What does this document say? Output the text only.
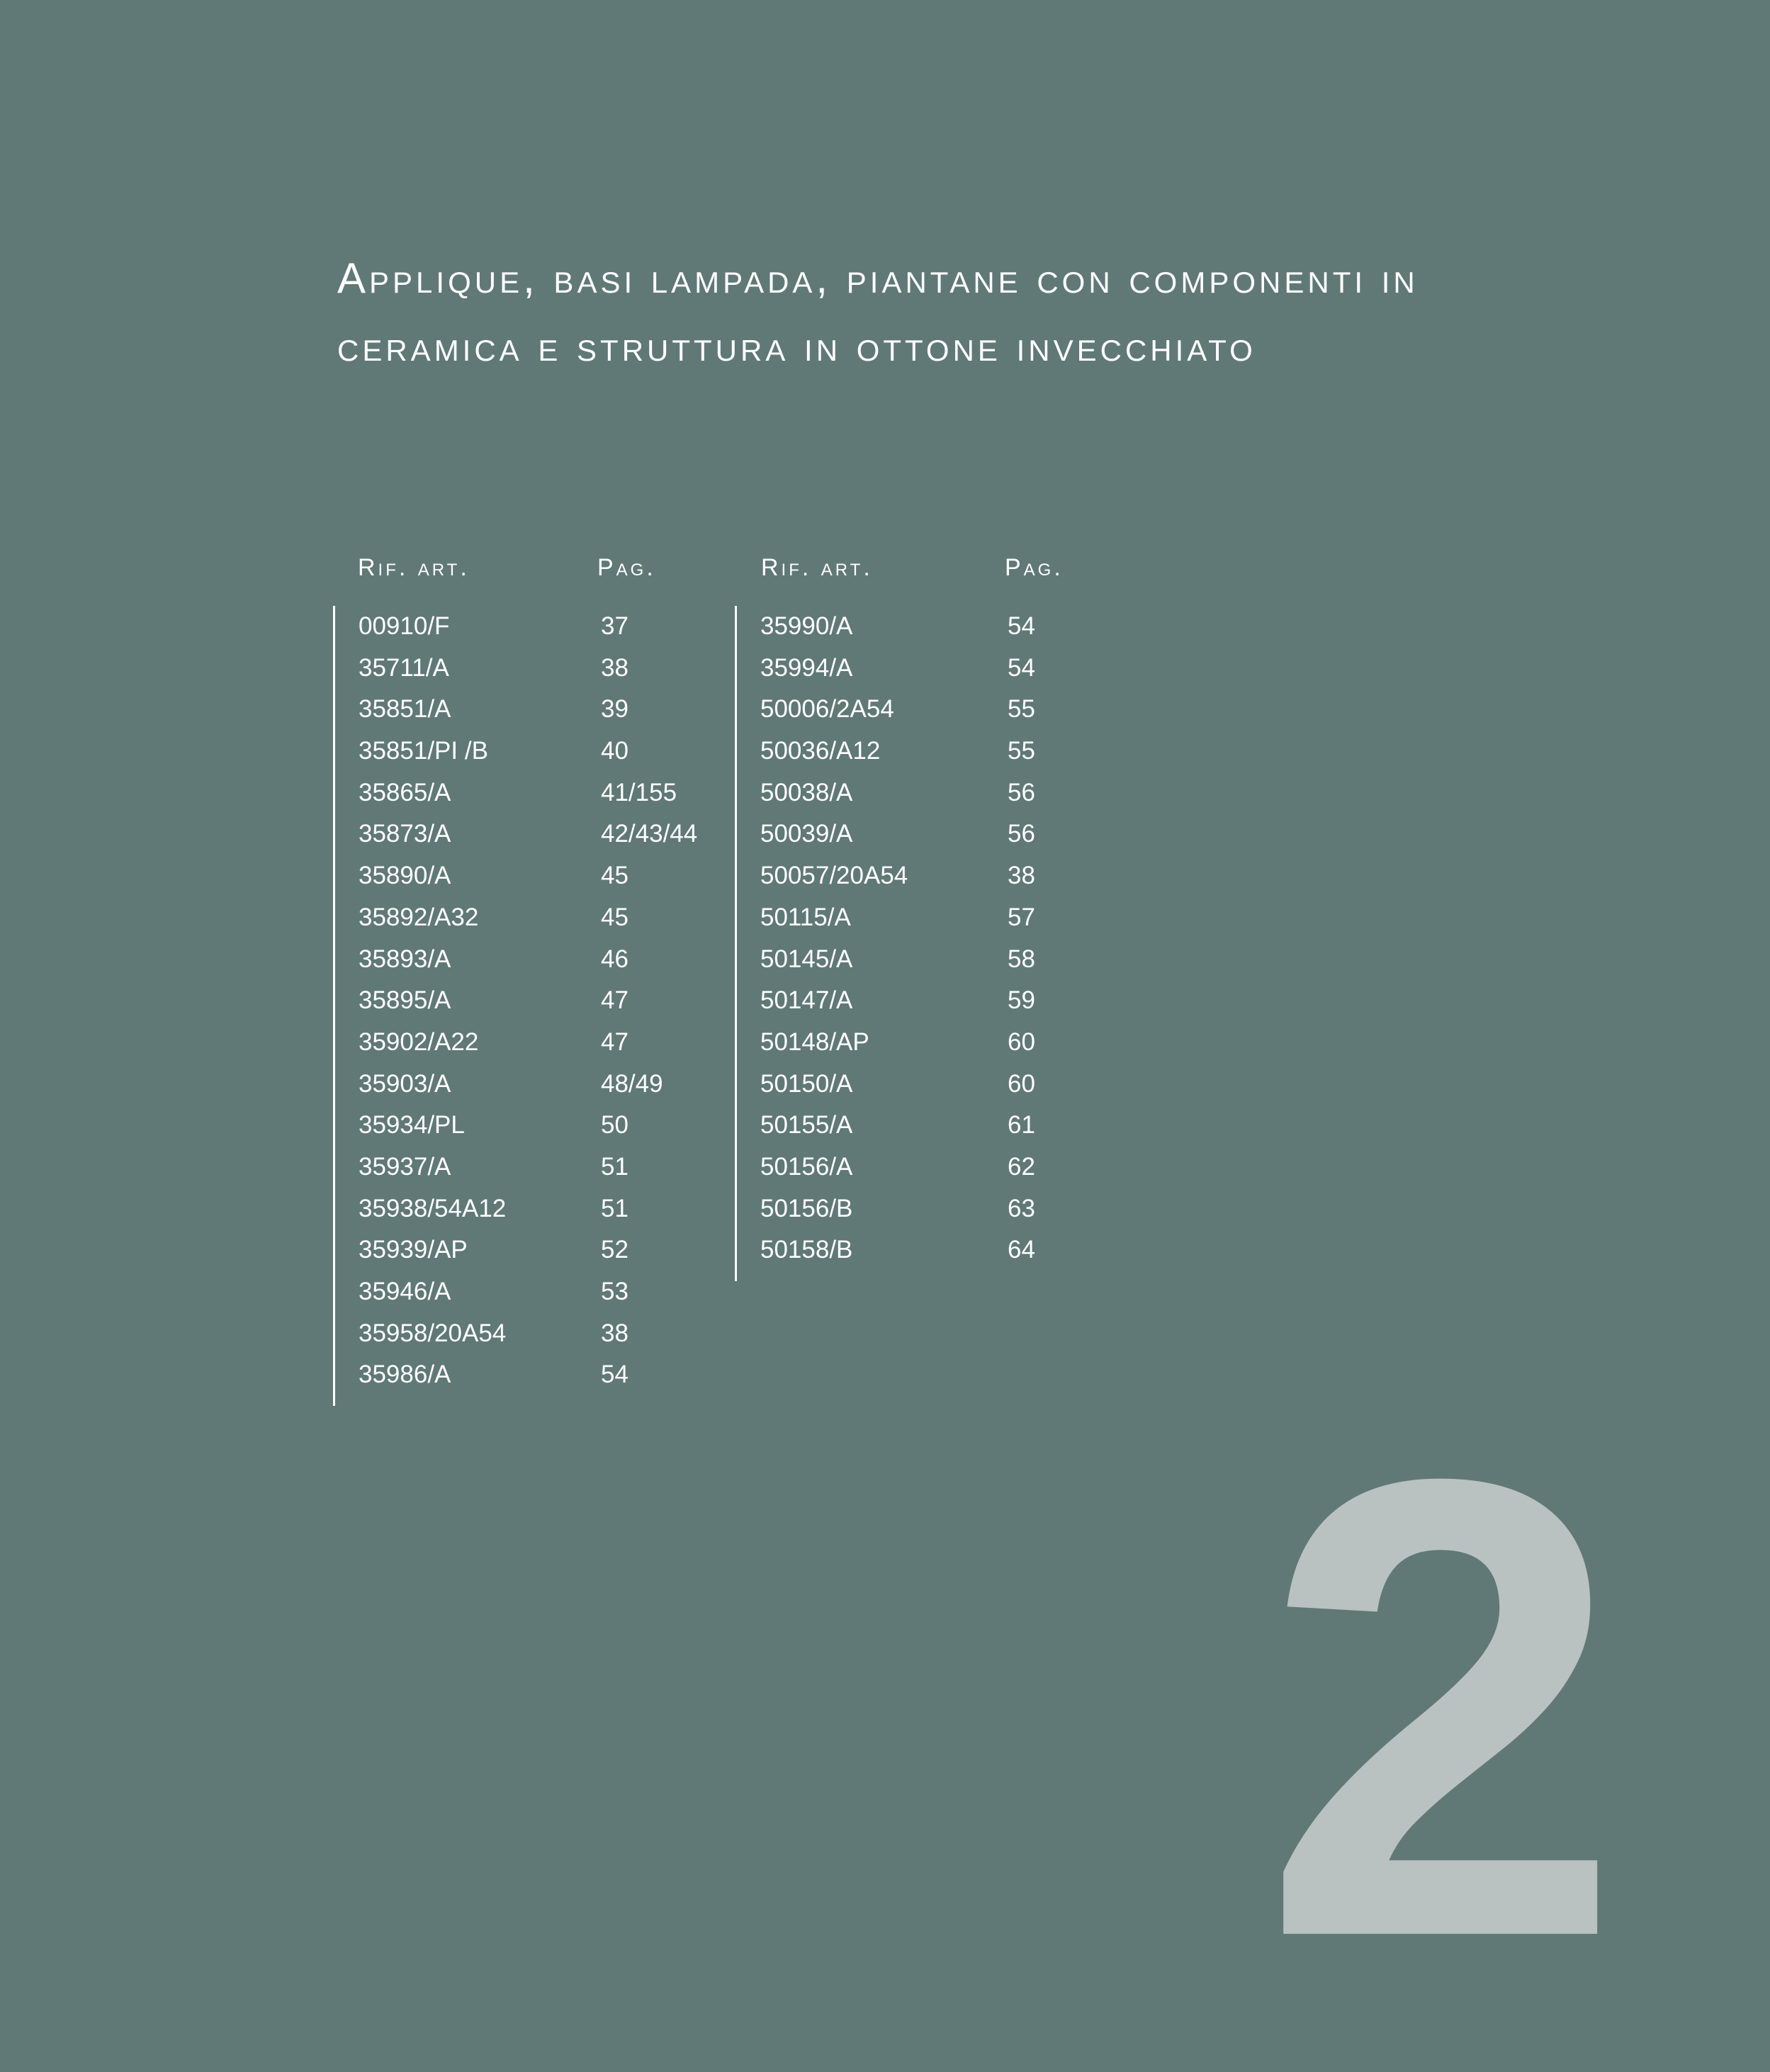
Applique, basi lampada, piantane con componenti in
ceramica e struttura in ottone invecchiato
Rif. art.	Pag.
00910/F	37
35711/A	38
35851/A	39
35851/PI /B	40
35865/A	41/155
35873/A	42/43/44
35890/A	45
35892/A32	45
35893/A	46
35895/A	47
35902/A22	47
35903/A	48/49
35934/PL	50
35937/A	51
35938/54A12	51
35939/AP	52
35946/A	53
35958/20A54	38
35986/A	54
Rif. art.	Pag.
35990/A	54
35994/A	54
50006/2A54	55
50036/A12	55
50038/A	56
50039/A	56
50057/20A54	38
50115/A	57
50145/A	58
50147/A	59
50148/AP	60
50150/A	60
50155/A	61
50156/A	62
50156/B	63
50158/B	64
2
